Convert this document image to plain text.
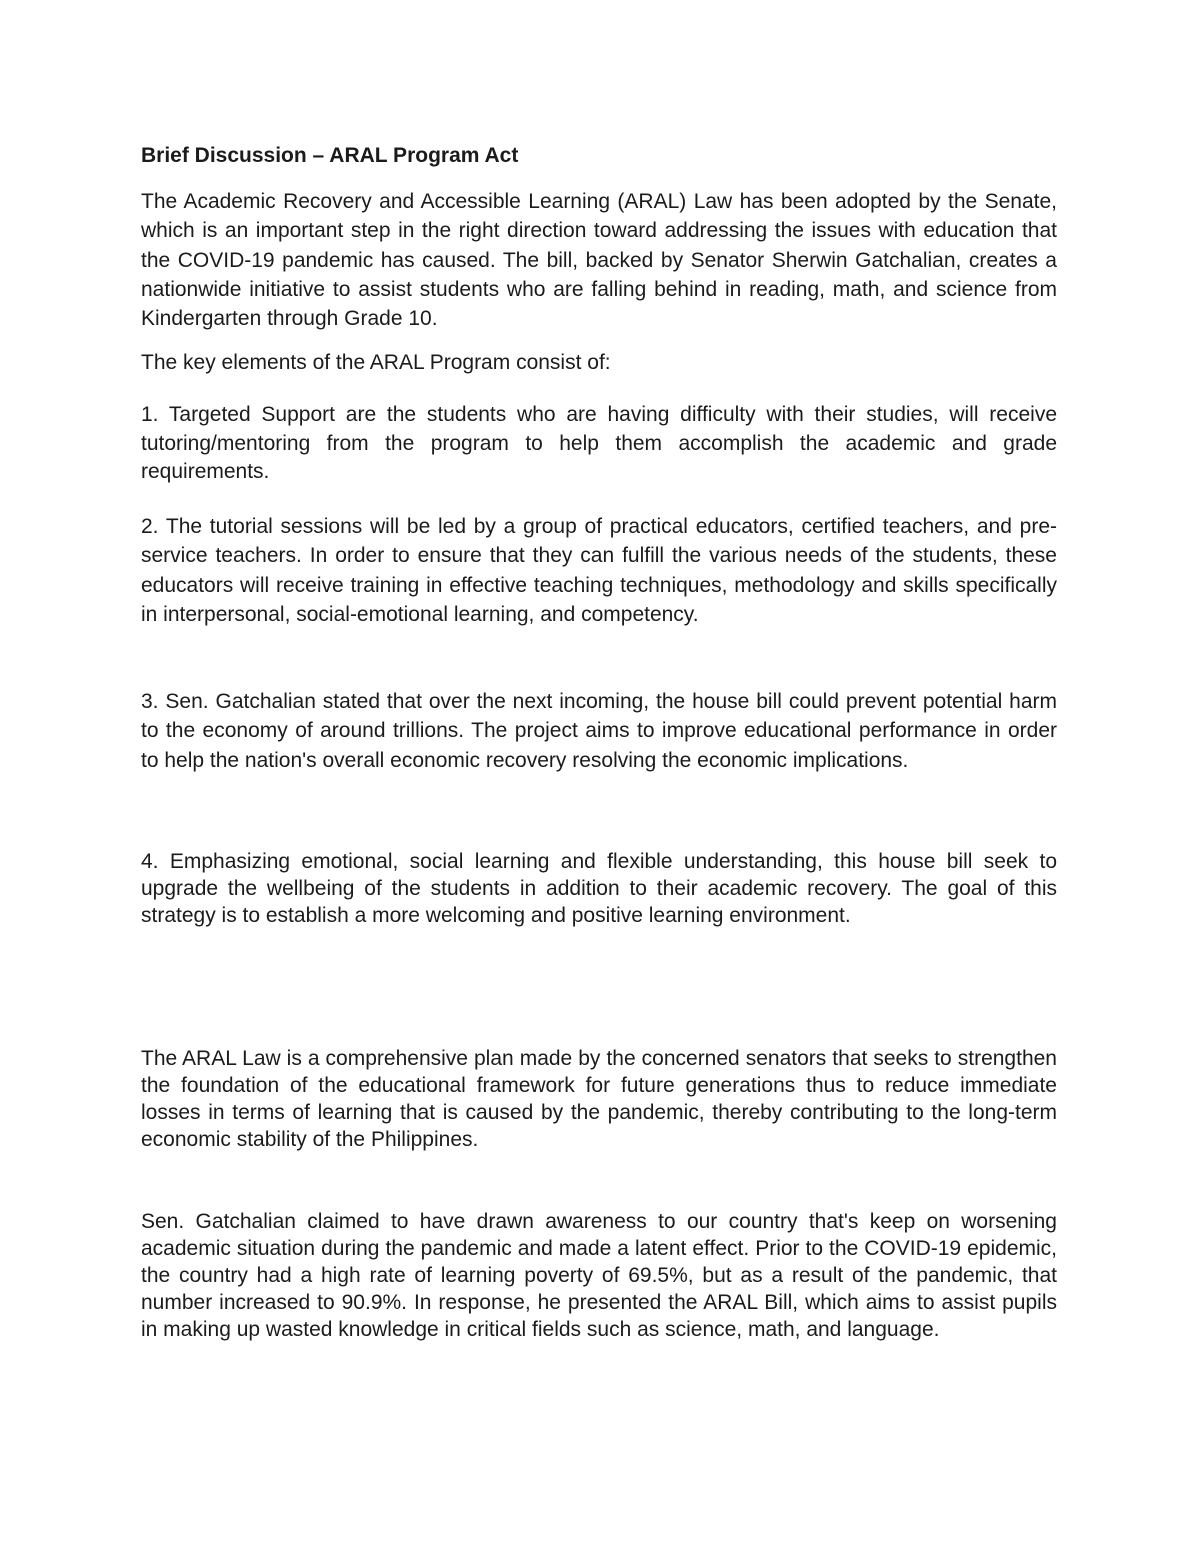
Brief Discussion – ARAL Program Act

The Academic Recovery and Accessible Learning (ARAL) Law has been adopted by the Senate, which is an important step in the right direction toward addressing the issues with education that the COVID-19 pandemic has caused. The bill, backed by Senator Sherwin Gatchalian, creates a nationwide initiative to assist students who are falling behind in reading, math, and science from Kindergarten through Grade 10.

The key elements of the ARAL Program consist of:

1. Targeted Support are the students who are having difficulty with their studies, will receive tutoring/mentoring from the program to help them accomplish the academic and grade requirements.

2. The tutorial sessions will be led by a group of practical educators, certified teachers, and pre-service teachers. In order to ensure that they can fulfill the various needs of the students, these educators will receive training in effective teaching techniques, methodology and skills specifically in interpersonal, social-emotional learning, and competency.

3. Sen. Gatchalian stated that over the next incoming, the house bill could prevent potential harm to the economy of around trillions. The project aims to improve educational performance in order to help the nation's overall economic recovery resolving the economic implications.

4. Emphasizing emotional, social learning and flexible understanding, this house bill seek to upgrade the wellbeing of the students in addition to their academic recovery. The goal of this strategy is to establish a more welcoming and positive learning environment.

The ARAL Law is a comprehensive plan made by the concerned senators that seeks to strengthen the foundation of the educational framework for future generations thus to reduce immediate losses in terms of learning that is caused by the pandemic, thereby contributing to the long-term economic stability of the Philippines.

Sen. Gatchalian claimed to have drawn awareness to our country that's keep on worsening academic situation during the pandemic and made a latent effect. Prior to the COVID-19 epidemic, the country had a high rate of learning poverty of 69.5%, but as a result of the pandemic, that number increased to 90.9%. In response, he presented the ARAL Bill, which aims to assist pupils in making up wasted knowledge in critical fields such as science, math, and language.
